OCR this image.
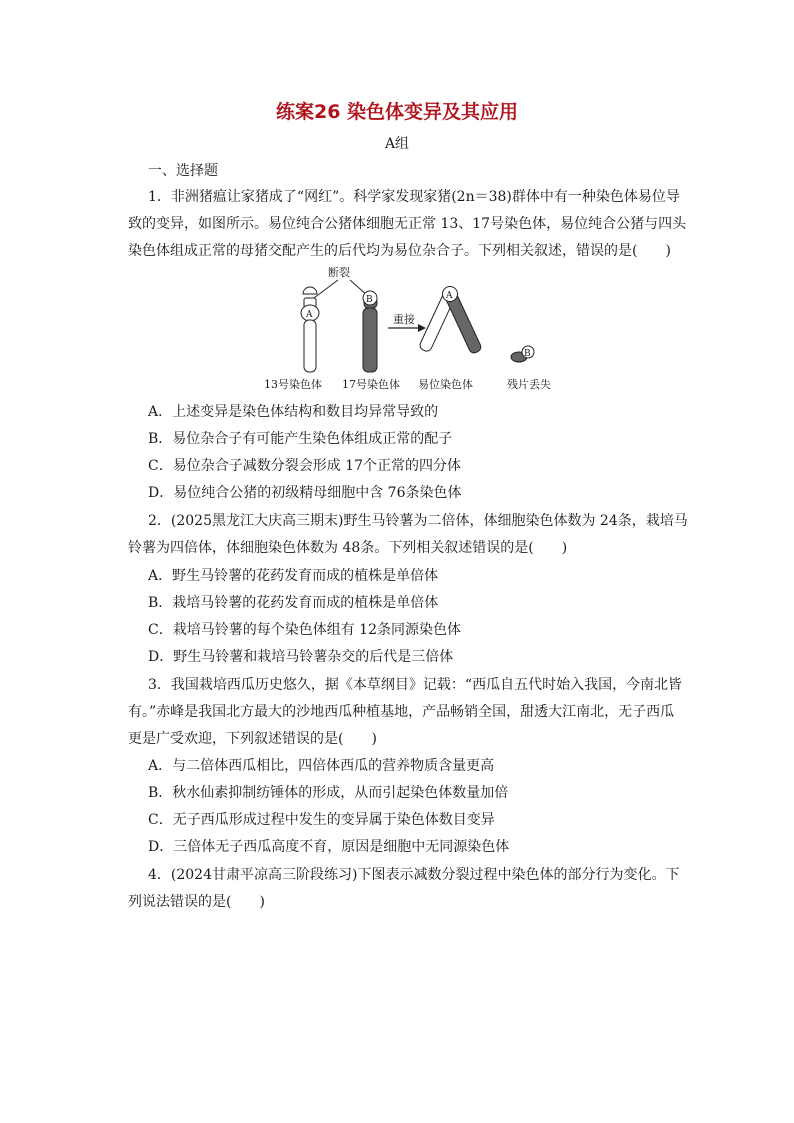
练案26 染色体变异及其应用
A组
一、选择题
1．非洲猪瘟让家猪成了“网红”。科学家发现家猪(2n＝38)群体中有一种染色体易位导
致的变异，如图所示。易位纯合公猪体细胞无正常 13、17号染色体，易位纯合公猪与四头
染色体组成正常的母猪交配产生的后代均为易位杂合子。下列相关叙述，错误的是(　　)
断裂
A
B
重接
A
B
13号染色体 17号染色体 易位染色体	残片丢失
A．上述变异是染色体结构和数目均异常导致的
B．易位杂合子有可能产生染色体组成正常的配子
C．易位杂合子减数分裂会形成 17个正常的四分体
D．易位纯合公猪的初级精母细胞中含 76条染色体
2．(2025黑龙江大庆高三期末)野生马铃薯为二倍体，体细胞染色体数为 24条，栽培马
铃薯为四倍体，体细胞染色体数为 48条。下列相关叙述错误的是(　　)
A．野生马铃薯的花药发育而成的植株是单倍体
B．栽培马铃薯的花药发育而成的植株是单倍体
C．栽培马铃薯的每个染色体组有 12条同源染色体
D．野生马铃薯和栽培马铃薯杂交的后代是三倍体
3．我国栽培西瓜历史悠久，据《本草纲目》记载：“西瓜自五代时始入我国，今南北皆
有。”赤峰是我国北方最大的沙地西瓜种植基地，产品畅销全国，甜透大江南北，无子西瓜
更是广受欢迎，下列叙述错误的是(　　)
A．与二倍体西瓜相比，四倍体西瓜的营养物质含量更高
B．秋水仙素抑制纺锤体的形成，从而引起染色体数量加倍
C．无子西瓜形成过程中发生的变异属于染色体数目变异
D．三倍体无子西瓜高度不育，原因是细胞中无同源染色体
4．(2024甘肃平凉高三阶段练习)下图表示减数分裂过程中染色体的部分行为变化。下
列说法错误的是(　　)
